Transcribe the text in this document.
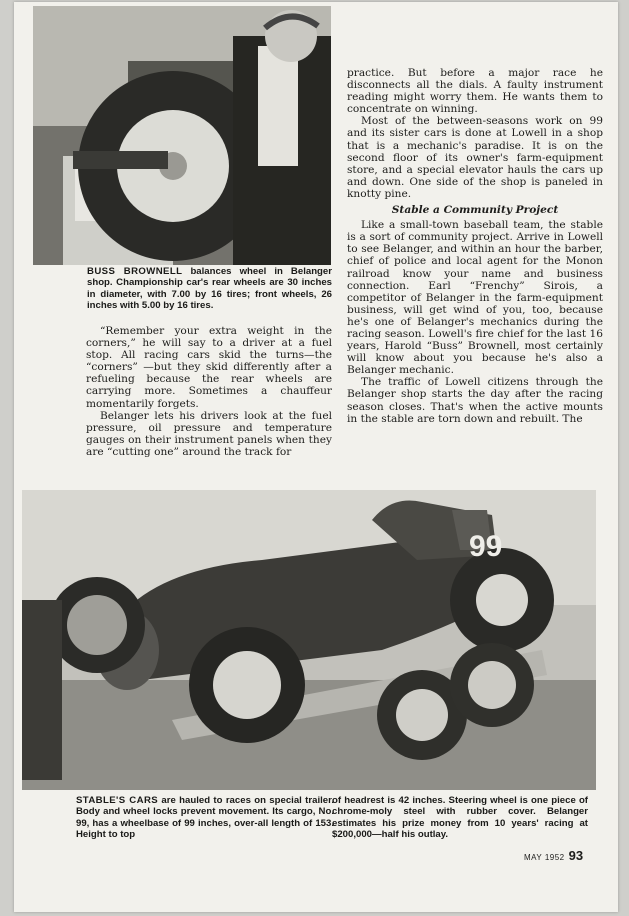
BUSS BROWNELL balances wheel in Belanger shop. Championship car's rear wheels are 30 inches in diameter, with 7.00 by 16 tires; front wheels, 26 inches with 5.00 by 16 tires.

“Remember your extra weight in the corners,” he will say to a driver at a fuel stop. All racing cars skid the turns—the “corners” —but they skid differently after a refueling because the rear wheels are carrying more. Sometimes a chauffeur momentarily forgets.

Belanger lets his drivers look at the fuel pressure, oil pressure and temperature gauges on their instrument panels when they are “cutting one” around the track for

practice. But before a major race he disconnects all the dials. A faulty instrument reading might worry them. He wants them to concentrate on winning.

Most of the between-seasons work on 99 and its sister cars is done at Lowell in a shop that is a mechanic's paradise. It is on the second floor of its owner's farm-equipment store, and a special elevator hauls the cars up and down. One side of the shop is paneled in knotty pine.

Stable a Community Project

Like a small-town baseball team, the stable is a sort of community project. Arrive in Lowell to see Belanger, and within an hour the barber, chief of police and local agent for the Monon railroad know your name and business connection. Earl “Frenchy” Sirois, a competitor of Belanger in the farm-equipment business, will get wind of you, too, because he's one of Belanger's mechanics during the racing season. Lowell's fire chief for the last 16 years, Harold “Buss” Brownell, most certainly will know about you because he's also a Belanger mechanic.

The traffic of Lowell citizens through the Belanger shop starts the day after the racing season closes. That's when the active mounts in the stable are torn down and rebuilt. The

99

STABLE'S CARS are hauled to races on special trailer. Body and wheel locks prevent movement. Its cargo, No. 99, has a wheelbase of 99 inches, over-all length of 153. Height to top

of headrest is 42 inches. Steering wheel is one piece of chrome-moly steel with rubber cover. Belanger estimates his prize money from 10 years' racing at $200,000—half his outlay.

MAY 1952 93
